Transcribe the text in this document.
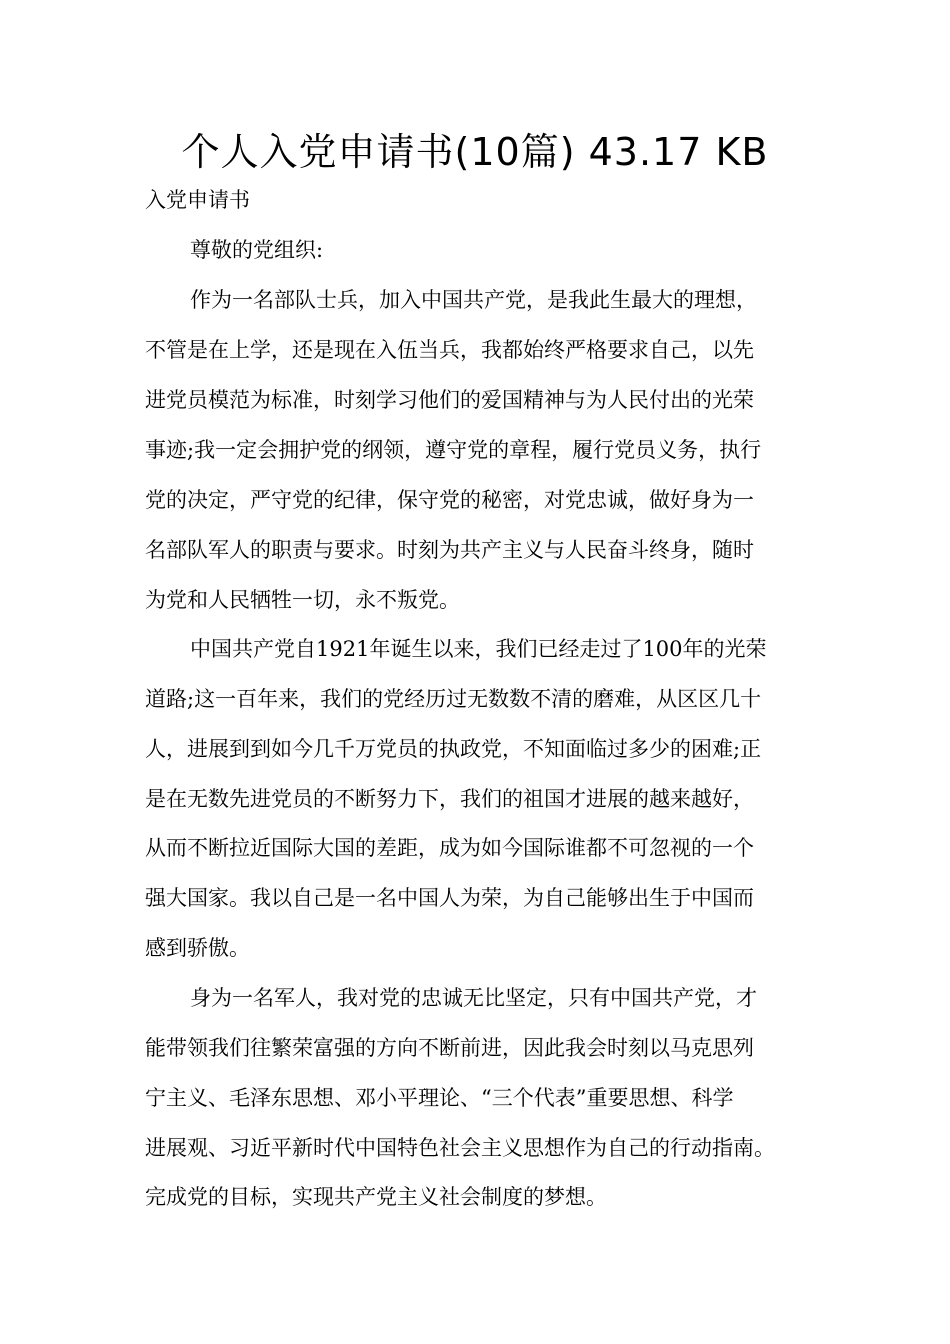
个人入党申请书(10篇) 43.17 KB
入党申请书
尊敬的党组织:
作为一名部队士兵，加入中国共产党，是我此生最大的理想，
不管是在上学，还是现在入伍当兵，我都始终严格要求自己，以先
进党员模范为标准，时刻学习他们的爱国精神与为人民付出的光荣
事迹;我一定会拥护党的纲领，遵守党的章程，履行党员义务，执行
党的决定，严守党的纪律，保守党的秘密，对党忠诚，做好身为一
名部队军人的职责与要求。时刻为共产主义与人民奋斗终身，随时
为党和人民牺牲一切，永不叛党。
中国共产党自1921年诞生以来，我们已经走过了100年的光荣
道路;这一百年来，我们的党经历过无数数不清的磨难，从区区几十
人，进展到到如今几千万党员的执政党，不知面临过多少的困难;正
是在无数先进党员的不断努力下，我们的祖国才进展的越来越好，
从而不断拉近国际大国的差距，成为如今国际谁都不可忽视的一个
强大国家。我以自己是一名中国人为荣，为自己能够出生于中国而
感到骄傲。
身为一名军人，我对党的忠诚无比坚定，只有中国共产党，才
能带领我们往繁荣富强的方向不断前进，因此我会时刻以马克思列
宁主义、毛泽东思想、邓小平理论、“三个代表”重要思想、科学
进展观、习近平新时代中国特色社会主义思想作为自己的行动指南。
完成党的目标，实现共产党主义社会制度的梦想。
